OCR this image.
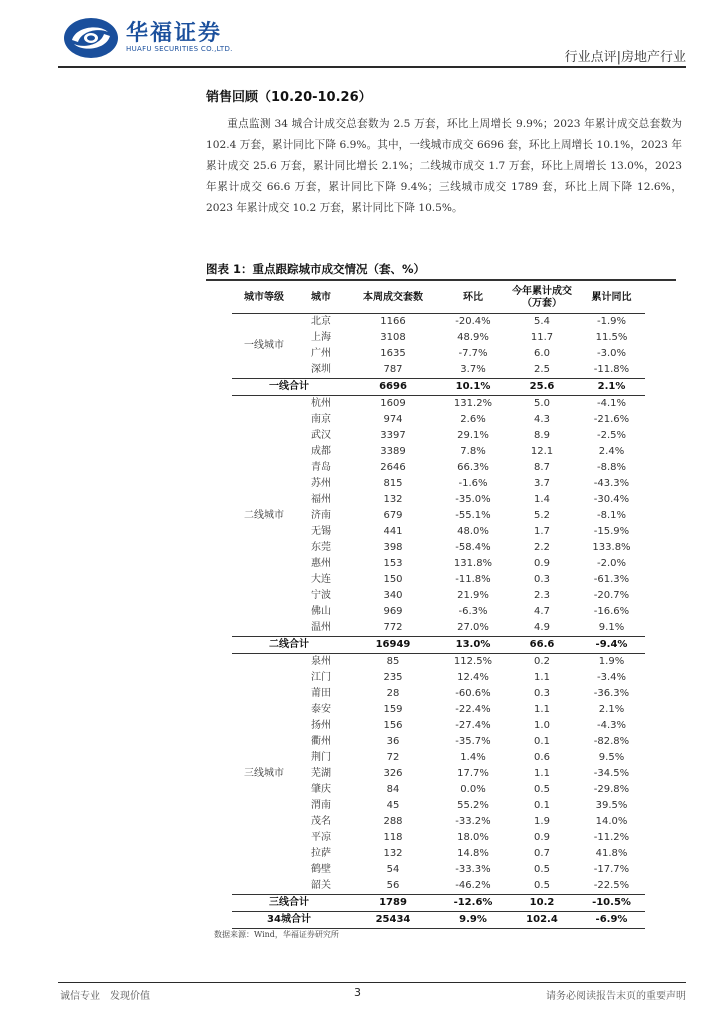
华福证券
HUAFU SECURITIES CO.,LTD.
行业点评|房地产行业
销售回顾（10.20-10.26）
重点监测 34 城合计成交总套数为 2.5 万套，环比上周增长 9.9%；2023 年累计成交总套数为 102.4 万套，累计同比下降 6.9%。其中，一线城市成交 6696 套，环比上周增长 10.1%，2023 年累计成交 25.6 万套，累计同比增长 2.1%；二线城市成交 1.7 万套，环比上周增长 13.0%，2023 年累计成交 66.6 万套，累计同比下降 9.4%；三线城市成交 1789 套，环比上周下降 12.6%，2023 年累计成交 10.2 万套，累计同比下降 10.5%。
图表 1：重点跟踪城市成交情况（套、%）
城市等级	城市	本周成交套数	环比	今年累计成交（万套）	累计同比
一线城市	北京	1166	-20.4%	5.4	-1.9%
	上海	3108	48.9%	11.7	11.5%
	广州	1635	-7.7%	6.0	-3.0%
	深圳	787	3.7%	2.5	-11.8%
一线合计		6696	10.1%	25.6	2.1%
二线城市	杭州	1609	131.2%	5.0	-4.1%
	南京	974	2.6%	4.3	-21.6%
	武汉	3397	29.1%	8.9	-2.5%
	成都	3389	7.8%	12.1	2.4%
	青岛	2646	66.3%	8.7	-8.8%
	苏州	815	-1.6%	3.7	-43.3%
	福州	132	-35.0%	1.4	-30.4%
	济南	679	-55.1%	5.2	-8.1%
	无锡	441	48.0%	1.7	-15.9%
	东莞	398	-58.4%	2.2	133.8%
	惠州	153	131.8%	0.9	-2.0%
	大连	150	-11.8%	0.3	-61.3%
	宁波	340	21.9%	2.3	-20.7%
	佛山	969	-6.3%	4.7	-16.6%
	温州	772	27.0%	4.9	9.1%
二线合计		16949	13.0%	66.6	-9.4%
三线城市	泉州	85	112.5%	0.2	1.9%
	江门	235	12.4%	1.1	-3.4%
	莆田	28	-60.6%	0.3	-36.3%
	泰安	159	-22.4%	1.1	2.1%
	扬州	156	-27.4%	1.0	-4.3%
	衢州	36	-35.7%	0.1	-82.8%
	荆门	72	1.4%	0.6	9.5%
	芜湖	326	17.7%	1.1	-34.5%
	肇庆	84	0.0%	0.5	-29.8%
	渭南	45	55.2%	0.1	39.5%
	茂名	288	-33.2%	1.9	14.0%
	平凉	118	18.0%	0.9	-11.2%
	拉萨	132	14.8%	0.7	41.8%
	鹤壁	54	-33.3%	0.5	-17.7%
	韶关	56	-46.2%	0.5	-22.5%
三线合计		1789	-12.6%	10.2	-10.5%
34城合计		25434	9.9%	102.4	-6.9%
数据来源：Wind，华福证券研究所
诚信专业　发现价值	3	请务必阅读报告末页的重要声明
